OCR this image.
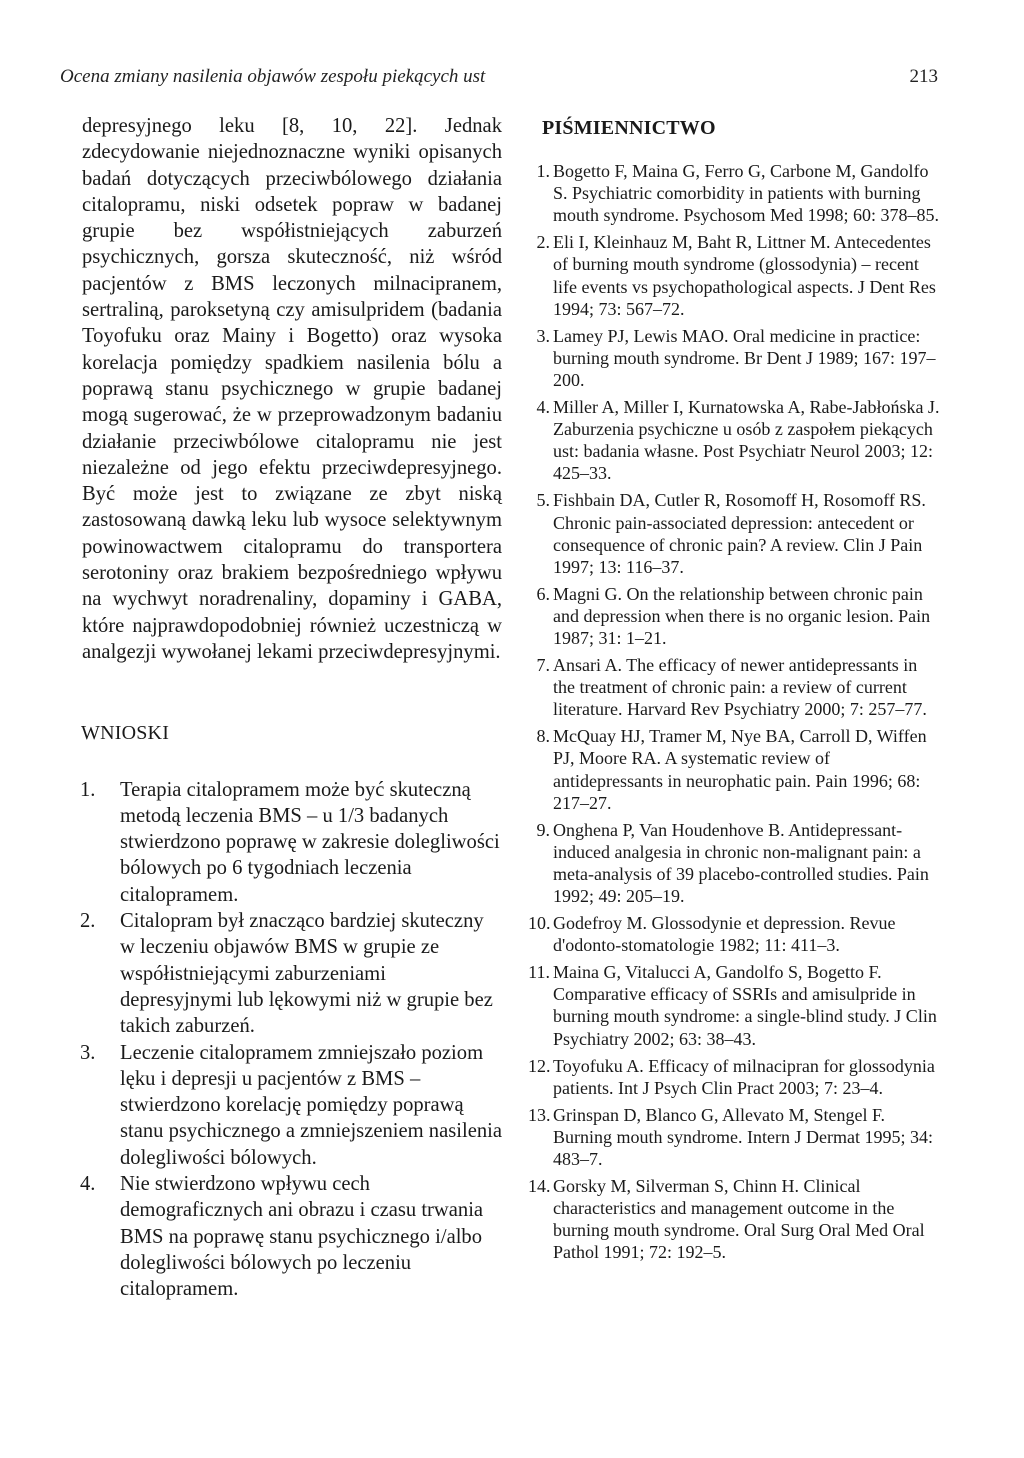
Ocena zmiany nasilenia objawów zespołu piekących ust	213

depresyjnego leku [8, 10, 22]. Jednak zdecydowanie niejednoznaczne wyniki opisanych badań dotyczących przeciwbólowego działania citalopramu, niski odsetek popraw w badanej grupie bez współistniejących zaburzeń psychicznych, gorsza skuteczność, niż wśród pacjentów z BMS leczonych milnacipranem, sertraliną, paroksetyną czy amisulpridem (badania Toyofuku oraz Mainy i Bogetto) oraz wysoka korelacja pomiędzy spadkiem nasilenia bólu a poprawą stanu psychicznego w grupie badanej mogą sugerować, że w przeprowadzonym badaniu działanie przeciwbólowe citalopramu nie jest niezależne od jego efektu przeciwdepresyjnego. Być może jest to związane ze zbyt niską zastosowaną dawką leku lub wysoce selektywnym powinowactwem citalopramu do transportera serotoniny oraz brakiem bezpośredniego wpływu na wychwyt noradrenaliny, dopaminy i GABA, które najprawdopodobniej również uczestniczą w analgezji wywołanej lekami przeciwdepresyjnymi.

WNIOSKI
1. Terapia citalopramem może być skuteczną metodą leczenia BMS – u 1/3 badanych stwierdzono poprawę w zakresie dolegliwości bólowych po 6 tygodniach leczenia citalopramem.
2. Citalopram był znacząco bardziej skuteczny w leczeniu objawów BMS w grupie ze współistniejącymi zaburzeniami depresyjnymi lub lękowymi niż w grupie bez takich zaburzeń.
3. Leczenie citalopramem zmniejszało poziom lęku i depresji u pacjentów z BMS – stwierdzono korelację pomiędzy poprawą stanu psychicznego a zmniejszeniem nasilenia dolegliwości bólowych.
4. Nie stwierdzono wpływu cech demograficznych ani obrazu i czasu trwania BMS na poprawę stanu psychicznego i/albo dolegliwości bólowych po leczeniu citalopramem.
PIŚMIENNICTWO
1. Bogetto F, Maina G, Ferro G, Carbone M, Gandolfo S. Psychiatric comorbidity in patients with burning mouth syndrome. Psychosom Med 1998; 60: 378–85.
2. Eli I, Kleinhauz M, Baht R, Littner M. Antecedentes of burning mouth syndrome (glossodynia) – recent life events vs psychopathological aspects. J Dent Res 1994; 73: 567–72.
3. Lamey PJ, Lewis MAO. Oral medicine in practice: burning mouth syndrome. Br Dent J 1989; 167: 197–200.
4. Miller A, Miller I, Kurnatowska A, Rabe-Jabłońska J. Zaburzenia psychiczne u osób z zaspołem piekących ust: badania własne. Post Psychiatr Neurol 2003; 12: 425–33.
5. Fishbain DA, Cutler R, Rosomoff H, Rosomoff RS. Chronic pain-associated depression: antecedent or consequence of chronic pain? A review. Clin J Pain 1997; 13: 116–37.
6. Magni G. On the relationship between chronic pain and depression when there is no organic lesion. Pain 1987; 31: 1–21.
7. Ansari A. The efficacy of newer antidepressants in the treatment of chronic pain: a review of current literature. Harvard Rev Psychiatry 2000; 7: 257–77.
8. McQuay HJ, Tramer M, Nye BA, Carroll D, Wiffen PJ, Moore RA. A systematic review of antidepressants in neurophatic pain. Pain 1996; 68: 217–27.
9. Onghena P, Van Houdenhove B. Antidepressant-induced analgesia in chronic non-malignant pain: a meta-analysis of 39 placebo-controlled studies. Pain 1992; 49: 205–19.
10. Godefroy M. Glossodynie et depression. Revue d'odonto-stomatologie 1982; 11: 411–3.
11. Maina G, Vitalucci A, Gandolfo S, Bogetto F. Comparative efficacy of SSRIs and amisulpride in burning mouth syndrome: a single-blind study. J Clin Psychiatry 2002; 63: 38–43.
12. Toyofuku A. Efficacy of milnacipran for glossodynia patients. Int J Psych Clin Pract 2003; 7: 23–4.
13. Grinspan D, Blanco G, Allevato M, Stengel F. Burning mouth syndrome. Intern J Dermat 1995; 34: 483–7.
14. Gorsky M, Silverman S, Chinn H. Clinical characteristics and management outcome in the burning mouth syndrome. Oral Surg Oral Med Oral Pathol 1991; 72: 192–5.
